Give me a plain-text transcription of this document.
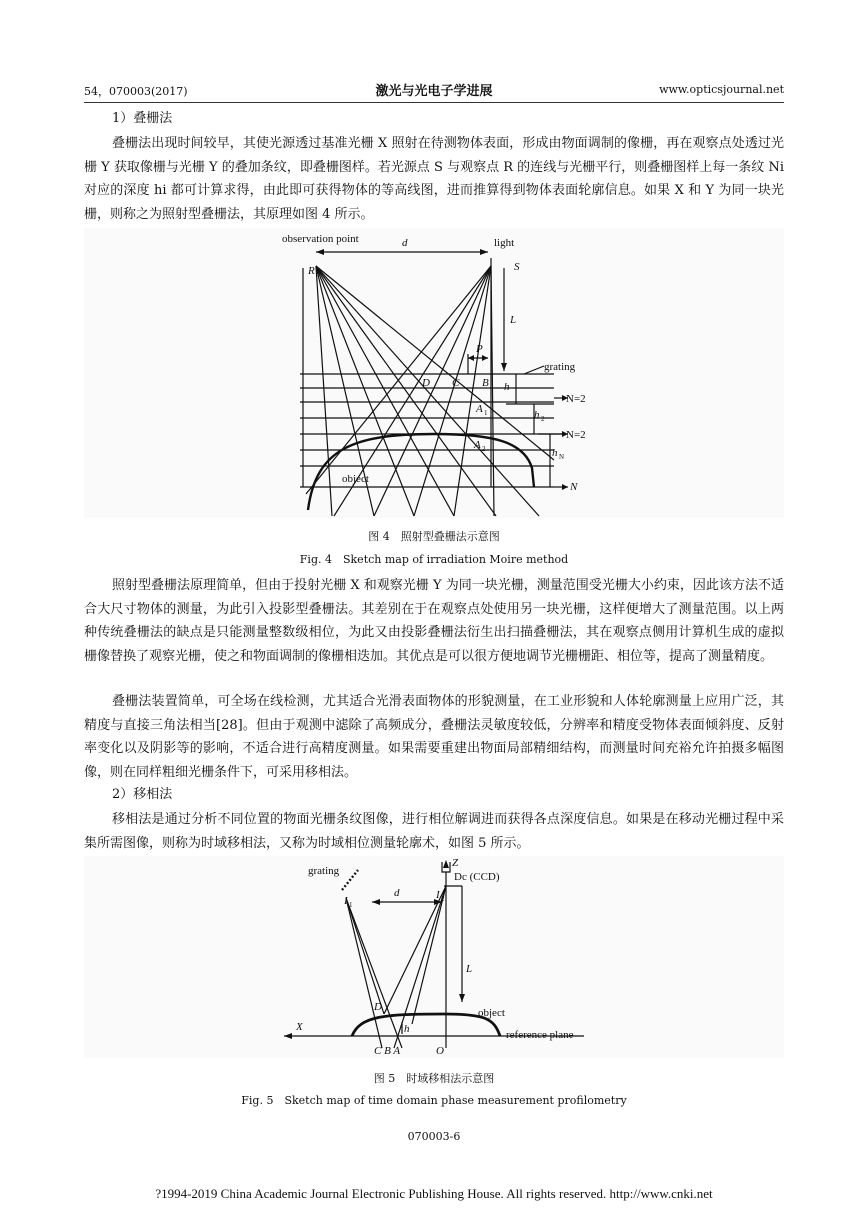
54，070003(2017)	激光与光电子学进展	www.opticsjournal.net

1）叠栅法

叠栅法出现时间较早，其使光源透过基准光栅 X 照射在待测物体表面，形成由物面调制的像栅，再在观察点处透过光栅 Y 获取像栅与光栅 Y 的叠加条纹，即叠栅图样。若光源点 S 与观察点 R 的连线与光栅平行，则叠栅图样上每一条纹 Ni 对应的深度 hi 都可计算求得，由此即可获得物体的等高线图，进而推算得到物体表面轮廓信息。如果 X 和 Y 为同一块光栅，则称之为照射型叠栅法，其原理如图 4 所示。

observation point	d	light
R	S
L
P
grating
D C B h
N=2
A 1	h 2
N=2
A 2	h N
object
N

图 4　照射型叠栅法示意图

Fig. 4　Sketch map of irradiation Moire method

照射型叠栅法原理简单，但由于投射光栅 X 和观察光栅 Y 为同一块光栅，测量范围受光栅大小约束，因此该方法不适合大尺寸物体的测量，为此引入投影型叠栅法。其差别在于在观察点处使用另一块光栅，这样便增大了测量范围。以上两种传统叠栅法的缺点是只能测量整数级相位，为此又由投影叠栅法衍生出扫描叠栅法，其在观察点侧用计算机生成的虚拟栅像替换了观察光栅，使之和物面调制的像栅相迭加。其优点是可以很方便地调节光栅栅距、相位等，提高了测量精度。

叠栅法装置简单，可全场在线检测，尤其适合光滑表面物体的形貌测量，在工业形貌和人体轮廓测量上应用广泛，其精度与直接三角法相当[28]。但由于观测中滤除了高频成分，叠栅法灵敏度较低，分辨率和精度受物体表面倾斜度、反射率变化以及阴影等的影响，不适合进行高精度测量。如果需要重建出物面局部精细结构，而测量时间充裕允许拍摄多幅图像，则在同样粗细光栅条件下，可采用移相法。

2）移相法

移相法是通过分析不同位置的物面光栅条纹图像，进行相位解调进而获得各点深度信息。如果是在移动光栅过程中采集所需图像，则称为时域移相法，又称为时域相位测量轮廓术，如图 5 所示。

Z
Dc (CCD)
grating
I 1
d	I 2
L
D	object
X	h	reference plane
C B A	O

图 5　时域移相法示意图

Fig. 5　Sketch map of time domain phase measurement profilometry

070003-6
?1994-2019 China Academic Journal Electronic Publishing House. All rights reserved. http://www.cnki.net
